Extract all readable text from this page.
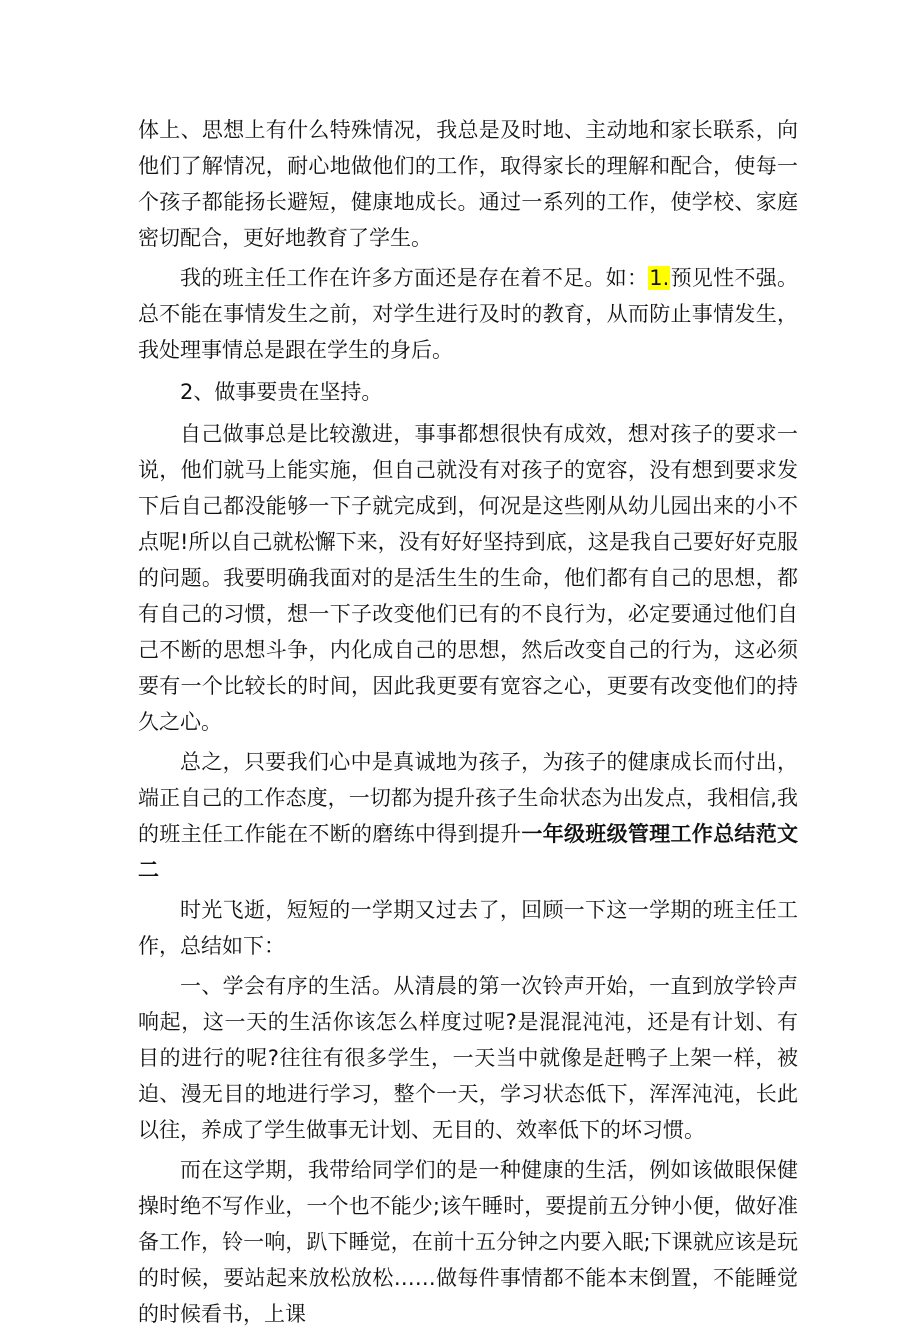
体上、思想上有什么特殊情况，我总是及时地、主动地和家长联系，向他们了解情况，耐心地做他们的工作，取得家长的理解和配合，使每一个孩子都能扬长避短，健康地成长。通过一系列的工作，使学校、家庭密切配合，更好地教育了学生。

我的班主任工作在许多方面还是存在着不足。如：1.预见性不强。总不能在事情发生之前，对学生进行及时的教育，从而防止事情发生，我处理事情总是跟在学生的身后。

2、做事要贵在坚持。

自己做事总是比较激进，事事都想很快有成效，想对孩子的要求一说，他们就马上能实施，但自己就没有对孩子的宽容，没有想到要求发下后自己都没能够一下子就完成到，何况是这些刚从幼儿园出来的小不点呢!所以自己就松懈下来，没有好好坚持到底，这是我自己要好好克服的问题。我要明确我面对的是活生生的生命，他们都有自己的思想，都有自己的习惯，想一下子改变他们已有的不良行为，必定要通过他们自己不断的思想斗争，内化成自己的思想，然后改变自己的行为，这必须要有一个比较长的时间，因此我更要有宽容之心，更要有改变他们的持久之心。

总之，只要我们心中是真诚地为孩子，为孩子的健康成长而付出，端正自己的工作态度，一切都为提升孩子生命状态为出发点，我相信,我的班主任工作能在不断的磨练中得到提升一年级班级管理工作总结范文二

时光飞逝，短短的一学期又过去了，回顾一下这一学期的班主任工作，总结如下：

一、学会有序的生活。从清晨的第一次铃声开始，一直到放学铃声响起，这一天的生活你该怎么样度过呢?是混混沌沌，还是有计划、有目的进行的呢?往往有很多学生，一天当中就像是赶鸭子上架一样，被迫、漫无目的地进行学习，整个一天，学习状态低下，浑浑沌沌，长此以往，养成了学生做事无计划、无目的、效率低下的坏习惯。

而在这学期，我带给同学们的是一种健康的生活，例如该做眼保健操时绝不写作业，一个也不能少;该午睡时，要提前五分钟小便，做好准备工作，铃一响，趴下睡觉，在前十五分钟之内要入眠;下课就应该是玩的时候，要站起来放松放松……做每件事情都不能本末倒置，不能睡觉的时候看书，上课
